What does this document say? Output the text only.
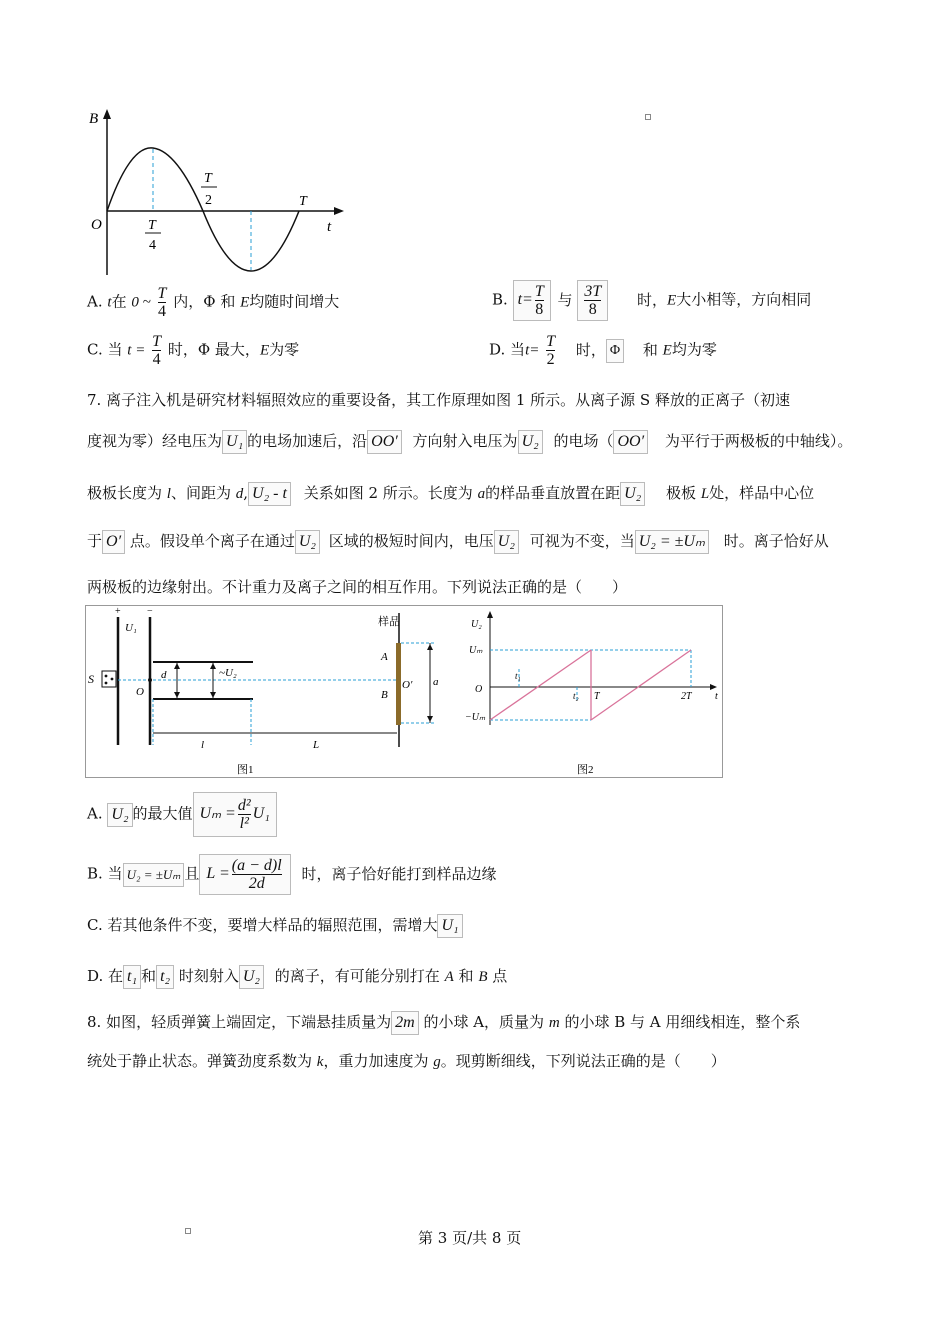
B
t
O	T
4
T
2	T
A. t在 0 ~ $\frac{T}{4}$ 内，Φ 和 E均随时间增大	B. $t= \frac{T}{8}$ 与 $\frac{3T}{8}$ 时，E大小相等，方向相同
C. 当 $t = \frac{T}{4}$ 时，Φ 最大，E为零	D. 当$t= \frac{T}{2}$ 时， Φ 和 E均为零
7. 离子注入机是研究材料辐照效应的重要设备，其工作原理如图 1 所示。从离子源 S 释放的正离子（初速
度视为零）经电压为 U₁ 的电场加速后，沿 OO′ 方向射入电压为 U₂ 的电场（ OO′ 为平行于两极板的中轴线）。
极板长度为 l、间距为 d, U₂ - t 关系如图 2 所示。长度为 a的样品垂直放置在距 U₂ 极板 L处，样品中心位
于 O′ 点。假设单个离子在通过 U₂ 区域的极短时间内，电压 U₂ 可视为不变，当 U₂ = ±Uₘ 时。离子恰好从
两极板的边缘射出。不计重力及离子之间的相互作用。下列说法正确的是（　　）
+	−
U₁
S
O
d	~U₂
l	L
样品
A
B
O′ a
图1
U₂
Uₘ
O
−Uₘ
t
t₁
t₂ T	2T
图2
A. U₂ 的最大值 $U_m = \frac{\text{d²}}{\text{l²}} U_1$
B. 当 U₂ = ±Uₘ 且 $L = \frac{(a - d)l}{2d}$ 时，离子恰好能打到样品边缘
C. 若其他条件不变，要增大样品的辐照范围，需增大 U₁
D. 在 t₁ 和 t₂ 时刻射入 U₂ 的离子，有可能分别打在 A 和 B 点
8. 如图，轻质弹簧上端固定，下端悬挂质量为 2m 的小球 A，质量为 m 的小球 B 与 A 用细线相连，整个系
统处于静止状态。弹簧劲度系数为 k，重力加速度为 g。现剪断细线，下列说法正确的是（　　）
第 3 页/共 8 页
